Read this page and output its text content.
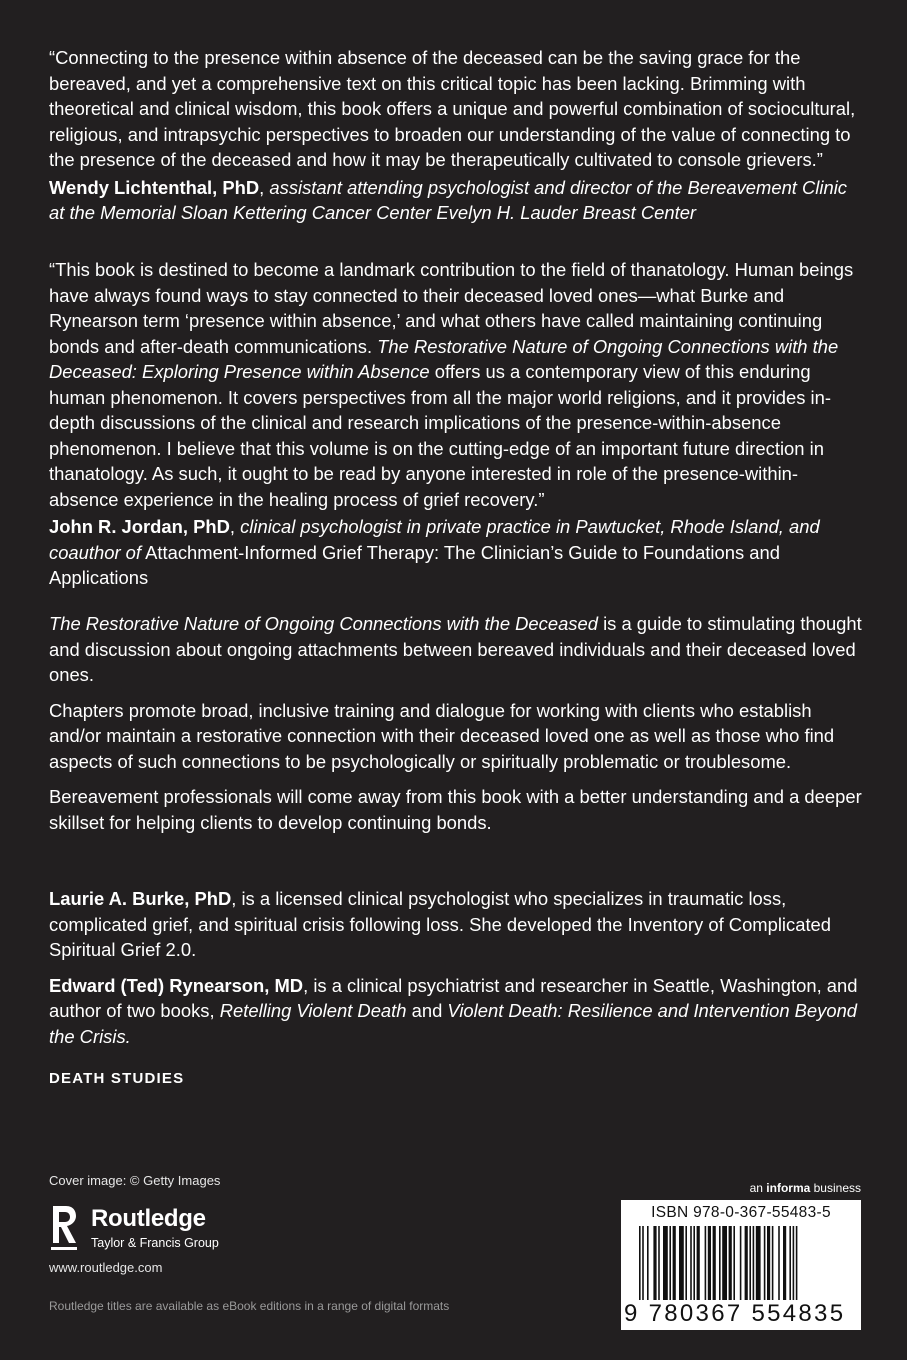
“Connecting to the presence within absence of the deceased can be the saving grace for the bereaved, and yet a comprehensive text on this critical topic has been lacking. Brimming with theoretical and clinical wisdom, this book offers a unique and powerful combination of sociocultural, religious, and intrapsychic perspectives to broaden our understanding of the value of connecting to the presence of the deceased and how it may be therapeutically cultivated to console grievers.”

Wendy Lichtenthal, PhD, assistant attending psychologist and director of the Bereavement Clinic at the Memorial Sloan Kettering Cancer Center Evelyn H. Lauder Breast Center

“This book is destined to become a landmark contribution to the field of thanatology. Human beings have always found ways to stay connected to their deceased loved ones—what Burke and Rynearson term ‘presence within absence,’ and what others have called maintaining continuing bonds and after-death communications. The Restorative Nature of Ongoing Connections with the Deceased: Exploring Presence within Absence offers us a contemporary view of this enduring human phenomenon. It covers perspectives from all the major world religions, and it provides in-depth discussions of the clinical and research implications of the presence-within-absence phenomenon. I believe that this volume is on the cutting-edge of an important future direction in thanatology. As such, it ought to be read by anyone interested in role of the presence-within-absence experience in the healing process of grief recovery.”

John R. Jordan, PhD, clinical psychologist in private practice in Pawtucket, Rhode Island, and coauthor of Attachment-Informed Grief Therapy: The Clinician’s Guide to Foundations and Applications

The Restorative Nature of Ongoing Connections with the Deceased is a guide to stimulating thought and discussion about ongoing attachments between bereaved individuals and their deceased loved ones.

Chapters promote broad, inclusive training and dialogue for working with clients who establish and/or maintain a restorative connection with their deceased loved one as well as those who find aspects of such connections to be psychologically or spiritually problematic or troublesome.

Bereavement professionals will come away from this book with a better understanding and a deeper skillset for helping clients to develop continuing bonds.

Laurie A. Burke, PhD, is a licensed clinical psychologist who specializes in traumatic loss, complicated grief, and spiritual crisis following loss. She developed the Inventory of Complicated Spiritual Grief 2.0.

Edward (Ted) Rynearson, MD, is a clinical psychiatrist and researcher in Seattle, Washington, and author of two books, Retelling Violent Death and Violent Death: Resilience and Intervention Beyond the Crisis.

DEATH STUDIES
Cover image: © Getty Images
Routledge
Taylor & Francis Group
www.routledge.com
Routledge titles are available as eBook editions in a range of digital formats
an informa business
ISBN 978-0-367-55483-5
9 780367 554835
